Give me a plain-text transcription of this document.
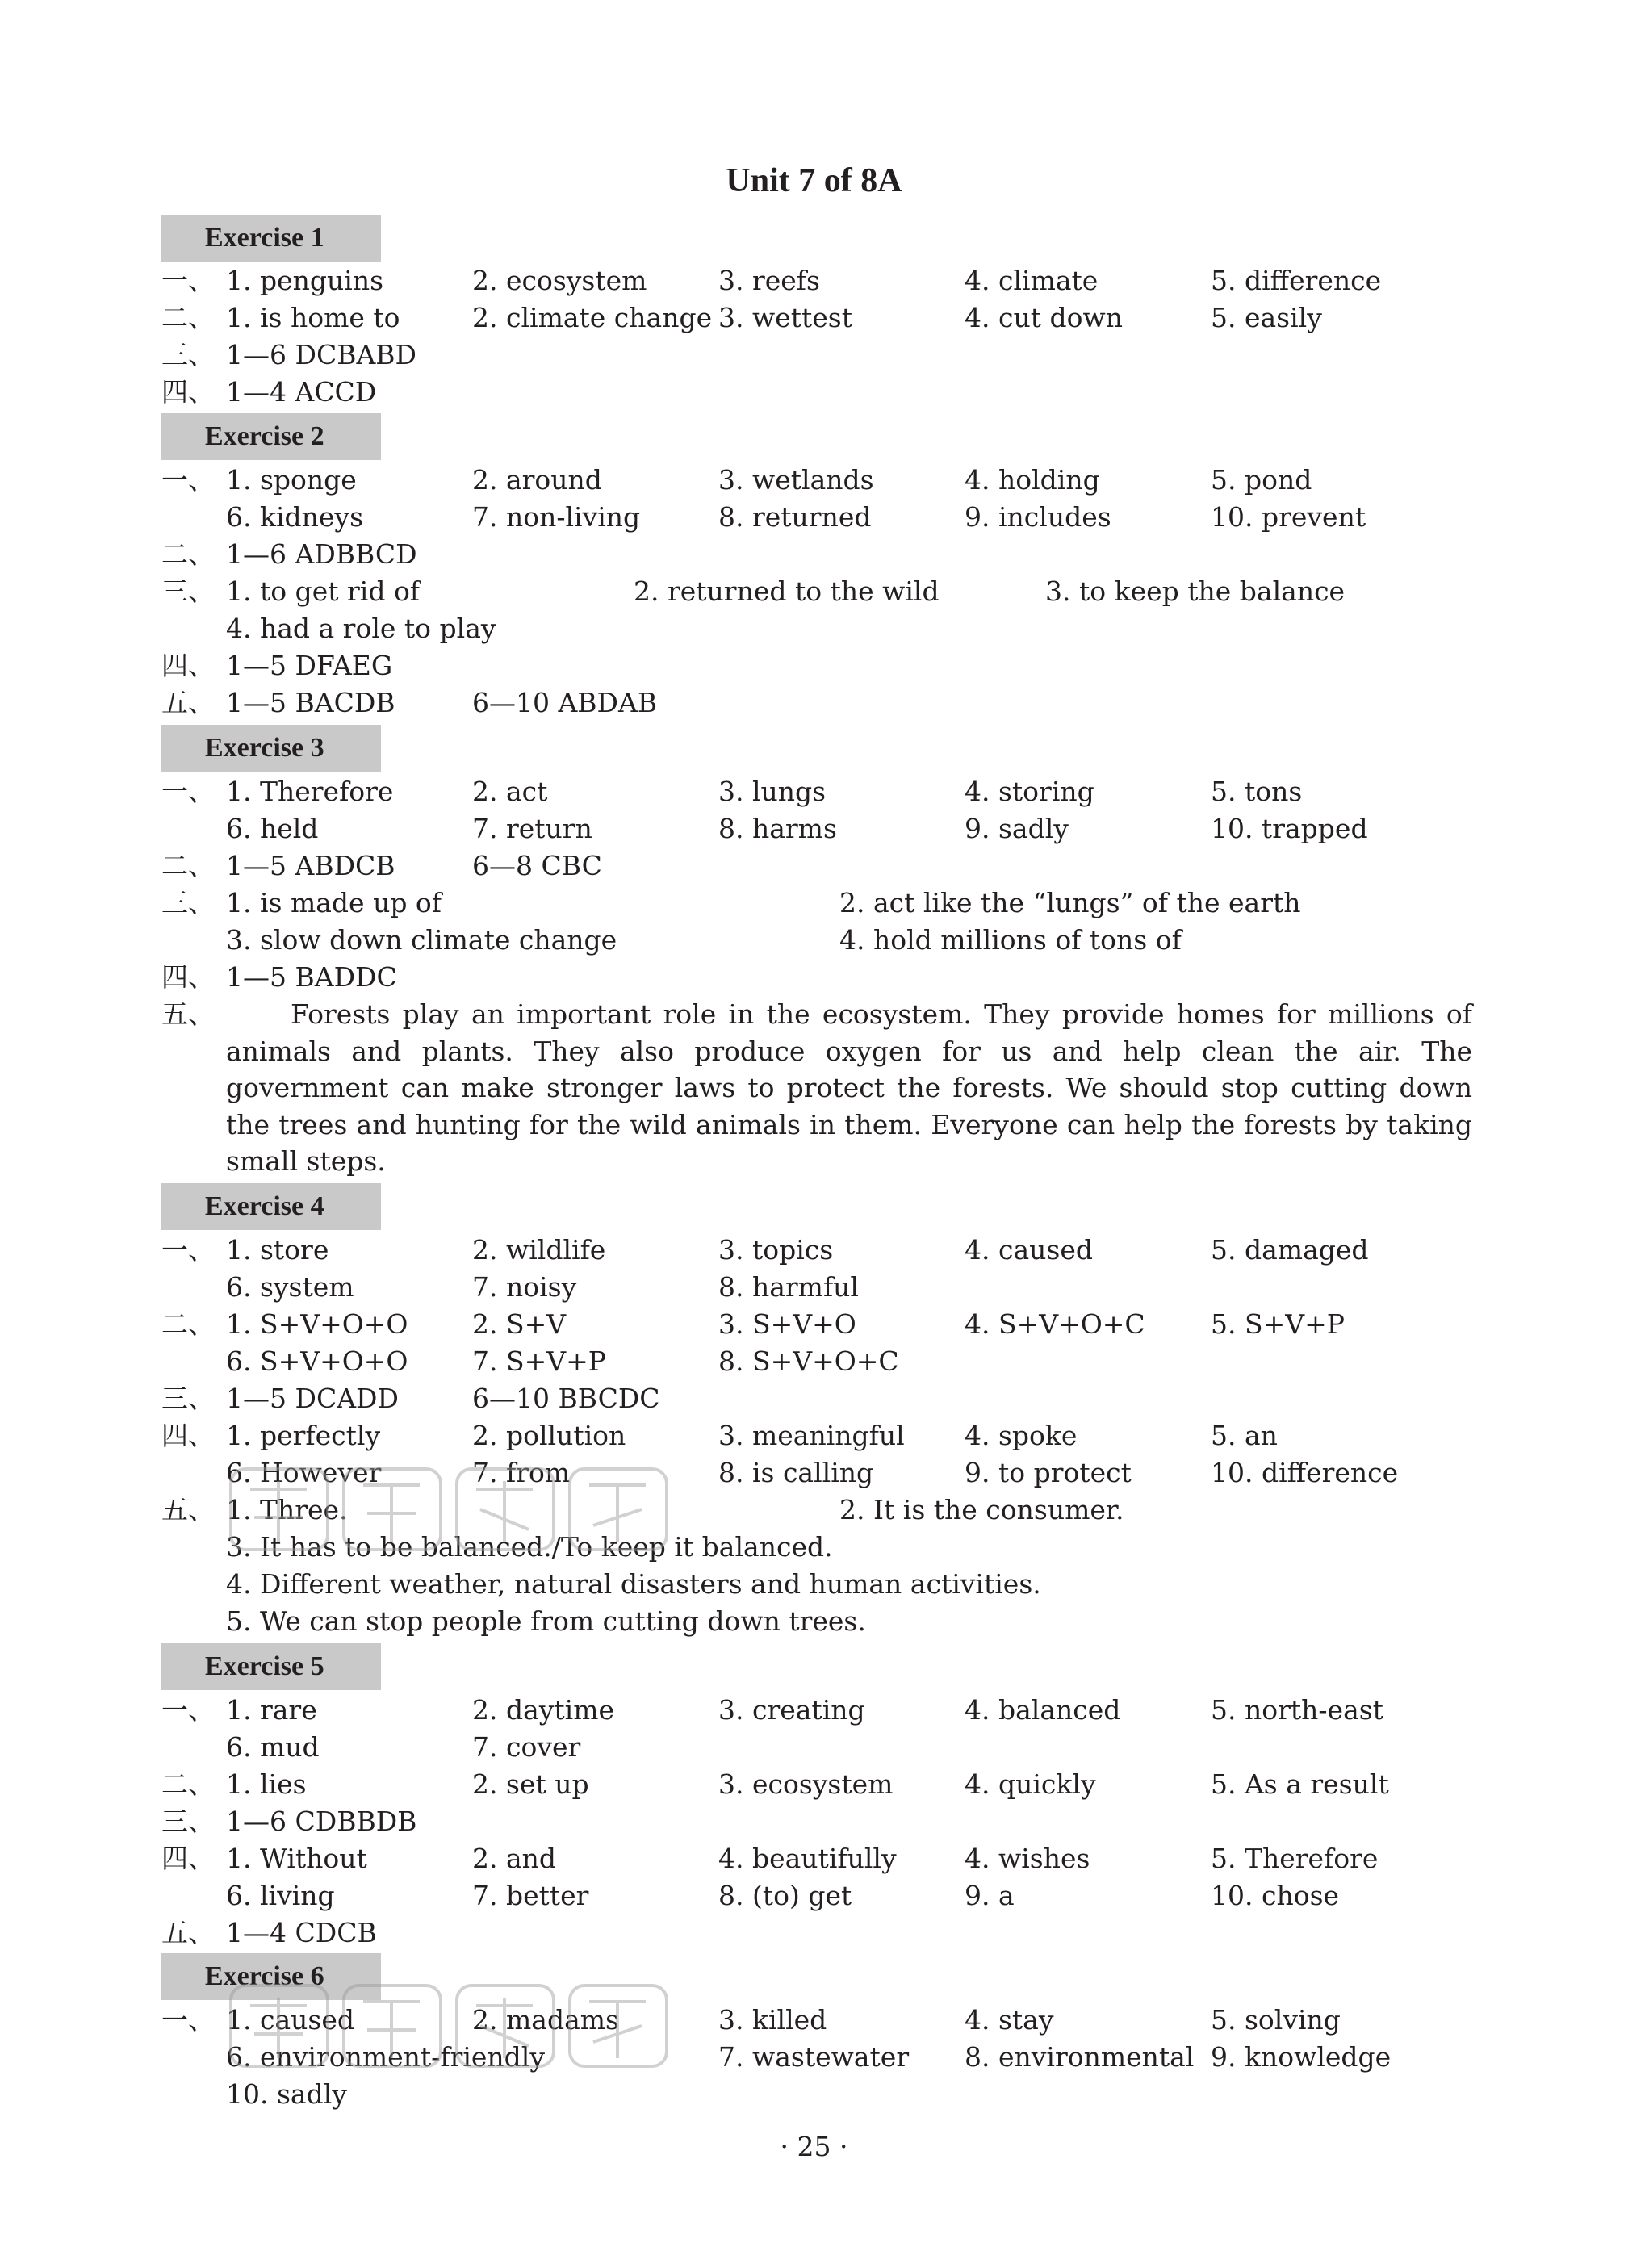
Unit 7 of 8A
Exercise 1
一、 1. penguins	2. ecosystem	3. reefs	4. climate	5. difference
二、 1. is home to	2. climate change 3. wettest	4. cut down	5. easily
三、 1—6 DCBABD
四、 1—4 ACCD
Exercise 2
一、 1. sponge	2. around	3. wetlands	4. holding	5. pond
6. kidneys	7. non-living	8. returned	9. includes	10. prevent
二、 1—6 ADBBCD
三、 1. to get rid of	2. returned to the wild	3. to keep the balance
4. had a role to play
四、 1—5 DFAEG
五、 1—5 BACDB	6—10 ABDAB
Exercise 3
一、 1. Therefore	2. act	3. lungs	4. storing	5. tons
6. held	7. return	8. harms	9. sadly	10. trapped
二、 1—5 ABDCB	6—8 CBC
三、 1. is made up of	2. act like the “lungs” of the earth
3. slow down climate change	4. hold millions of tons of
四、 1—5 BADDC
五、	Forests play an important role in the ecosystem. They provide homes for millions of animals and plants. They also produce oxygen for us and help clean the air. The government can make stronger laws to protect the forests. We should stop cutting down the trees and hunting for the wild animals in them. Everyone can help the forests by taking small steps.
Exercise 4
一、 1. store	2. wildlife	3. topics	4. caused	5. damaged
6. system	7. noisy	8. harmful
二、 1. S+V+O+O 2. S+V	3. S+V+O	4. S+V+O+C 5. S+V+P
6. S+V+O+O 7. S+V+P	8. S+V+O+C
三、 1—5 DCADD	6—10 BBCDC
四、 1. perfectly	2. pollution	3. meaningful 4. spoke	5. an
6. However	7. from	8. is calling	9. to protect	10. difference
五、 1. Three.	2. It is the consumer.
3. It has to be balanced./To keep it balanced.
4. Different weather, natural disasters and human activities.
5. We can stop people from cutting down trees.
Exercise 5
一、 1. rare	2. daytime	3. creating	4. balanced	5. north-east
6. mud	7. cover
二、 1. lies	2. set up	3. ecosystem	4. quickly	5. As a result
三、 1—6 CDBBDB
四、 1. Without	2. and	4. beautifully	4. wishes	5. Therefore
6. living	7. better	8. (to) get	9. a	10. chose
五、 1—4 CDCB
Exercise 6
一、 1. caused	2. madams	3. killed	4. stay	5. solving
6. environment-friendly	7. wastewater 8. environmental 9. knowledge
10. sadly
· 25 ·
